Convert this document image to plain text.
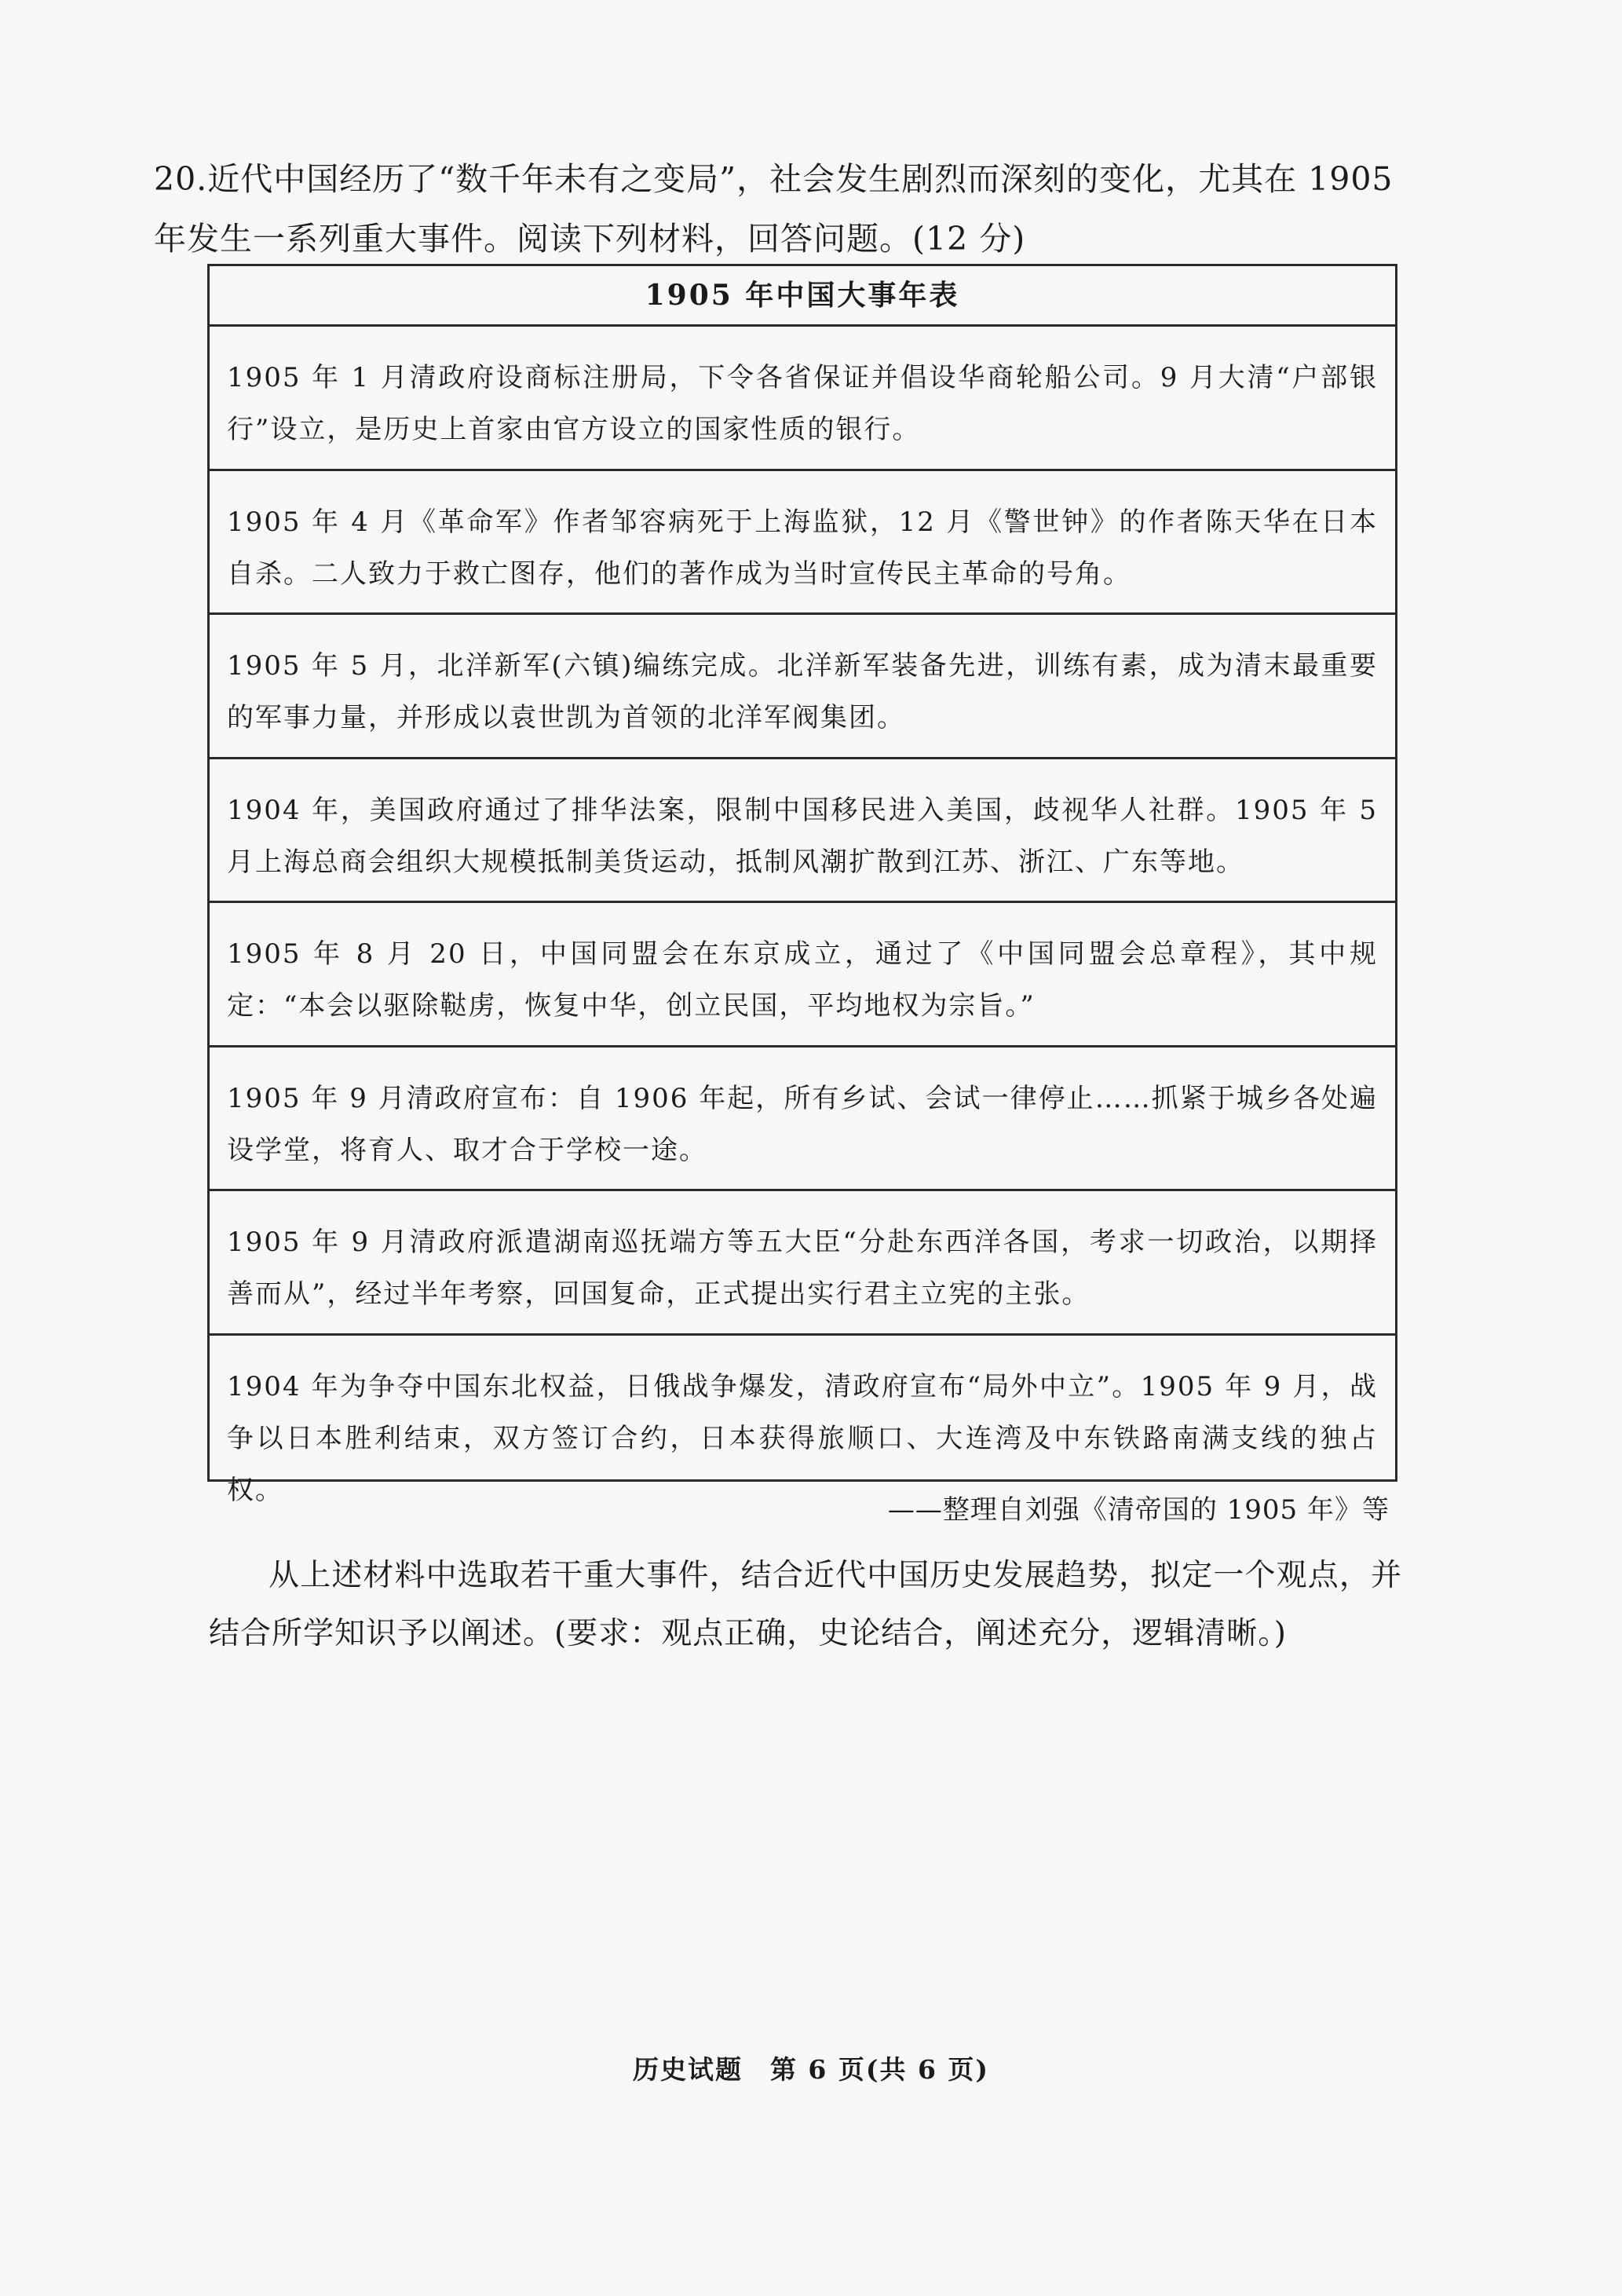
20.近代中国经历了“数千年未有之变局”，社会发生剧烈而深刻的变化，尤其在 1905 年发生一系列重大事件。阅读下列材料，回答问题。(12 分)
1905 年中国大事年表
1905 年 1 月清政府设商标注册局，下令各省保证并倡设华商轮船公司。9 月大清“户部银行”设立，是历史上首家由官方设立的国家性质的银行。
1905 年 4 月《革命军》作者邹容病死于上海监狱，12 月《警世钟》的作者陈天华在日本自杀。二人致力于救亡图存，他们的著作成为当时宣传民主革命的号角。
1905 年 5 月，北洋新军(六镇)编练完成。北洋新军装备先进，训练有素，成为清末最重要的军事力量，并形成以袁世凯为首领的北洋军阀集团。
1904 年，美国政府通过了排华法案，限制中国移民进入美国，歧视华人社群。1905 年 5 月上海总商会组织大规模抵制美货运动，抵制风潮扩散到江苏、浙江、广东等地。
1905 年 8 月 20 日，中国同盟会在东京成立，通过了《中国同盟会总章程》，其中规定：“本会以驱除鞑虏，恢复中华，创立民国，平均地权为宗旨。”
1905 年 9 月清政府宣布：自 1906 年起，所有乡试、会试一律停止……抓紧于城乡各处遍设学堂，将育人、取才合于学校一途。
1905 年 9 月清政府派遣湖南巡抚端方等五大臣“分赴东西洋各国，考求一切政治，以期择善而从”，经过半年考察，回国复命，正式提出实行君主立宪的主张。
1904 年为争夺中国东北权益，日俄战争爆发，清政府宣布“局外中立”。1905 年 9 月，战争以日本胜利结束，双方签订合约，日本获得旅顺口、大连湾及中东铁路南满支线的独占权。
——整理自刘强《清帝国的 1905 年》等
从上述材料中选取若干重大事件，结合近代中国历史发展趋势，拟定一个观点，并结合所学知识予以阐述。(要求：观点正确，史论结合，阐述充分，逻辑清晰。)
历史试题　第 6 页(共 6 页)
